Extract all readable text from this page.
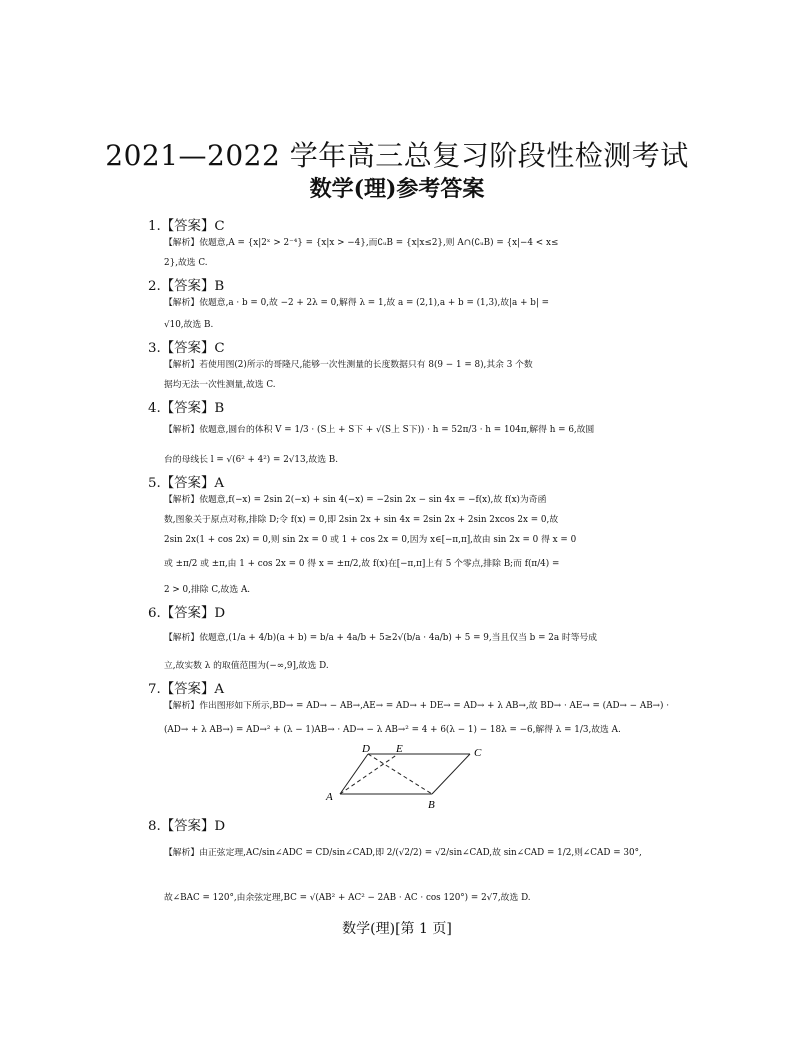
2021—2022 学年高三总复习阶段性检测考试
数学(理)参考答案
1.【答案】C
【解析】依题意,A = {x|2ˣ > 2⁻⁴} = {x|x > −4},而∁ᵤB = {x|x≤2},则 A∩(∁ᵤB) = {x|−4 < x≤
2},故选 C.
2.【答案】B
【解析】依题意,a · b = 0,故 −2 + 2λ = 0,解得 λ = 1,故 a = (2,1),a + b = (1,3),故|a + b| =
√10,故选 B.
3.【答案】C
【解析】若使用图(2)所示的哥隆尺,能够一次性测量的长度数据只有 8(9 − 1 = 8),其余 3 个数
据均无法一次性测量,故选 C.
4.【答案】B
【解析】依题意,圆台的体积 V = 1/3 · (S上 + S下 + √(S上 S下)) · h = 52π/3 · h = 104π,解得 h = 6,故圆
台的母线长 l = √(6² + 4²) = 2√13,故选 B.
5.【答案】A
【解析】依题意,f(−x) = 2sin 2(−x) + sin 4(−x) = −2sin 2x − sin 4x = −f(x),故 f(x)为奇函
数,图象关于原点对称,排除 D;令 f(x) = 0,即 2sin 2x + sin 4x = 2sin 2x + 2sin 2xcos 2x = 0,故
2sin 2x(1 + cos 2x) = 0,则 sin 2x = 0 或 1 + cos 2x = 0,因为 x∈[−π,π],故由 sin 2x = 0 得 x = 0
或 ±π/2 或 ±π,由 1 + cos 2x = 0 得 x = ±π/2,故 f(x)在[−π,π]上有 5 个零点,排除 B;而 f(π/4) =
2 > 0,排除 C,故选 A.
6.【答案】D
【解析】依题意,(1/a + 4/b)(a + b) = b/a + 4a/b + 5≥2√(b/a · 4a/b) + 5 = 9,当且仅当 b = 2a 时等号成
立,故实数 λ 的取值范围为(−∞,9],故选 D.
7.【答案】A
【解析】作出图形如下所示,BD→ = AD→ − AB→,AE→ = AD→ + DE→ = AD→ + λ AB→,故 BD→ · AE→ = (AD→ − AB→) ·
(AD→ + λ AB→) = AD→² + (λ − 1)AB→ · AD→ − λ AB→² = 4 + 6(λ − 1) − 18λ = −6,解得 λ = 1/3,故选 A.
D E	C
A
B
8.【答案】D
【解析】由正弦定理,AC/sin∠ADC = CD/sin∠CAD,即 2/(√2/2) = √2/sin∠CAD,故 sin∠CAD = 1/2,则∠CAD = 30°,
故∠BAC = 120°,由余弦定理,BC = √(AB² + AC² − 2AB · AC · cos 120°) = 2√7,故选 D.
数学(理)[第 1 页]
